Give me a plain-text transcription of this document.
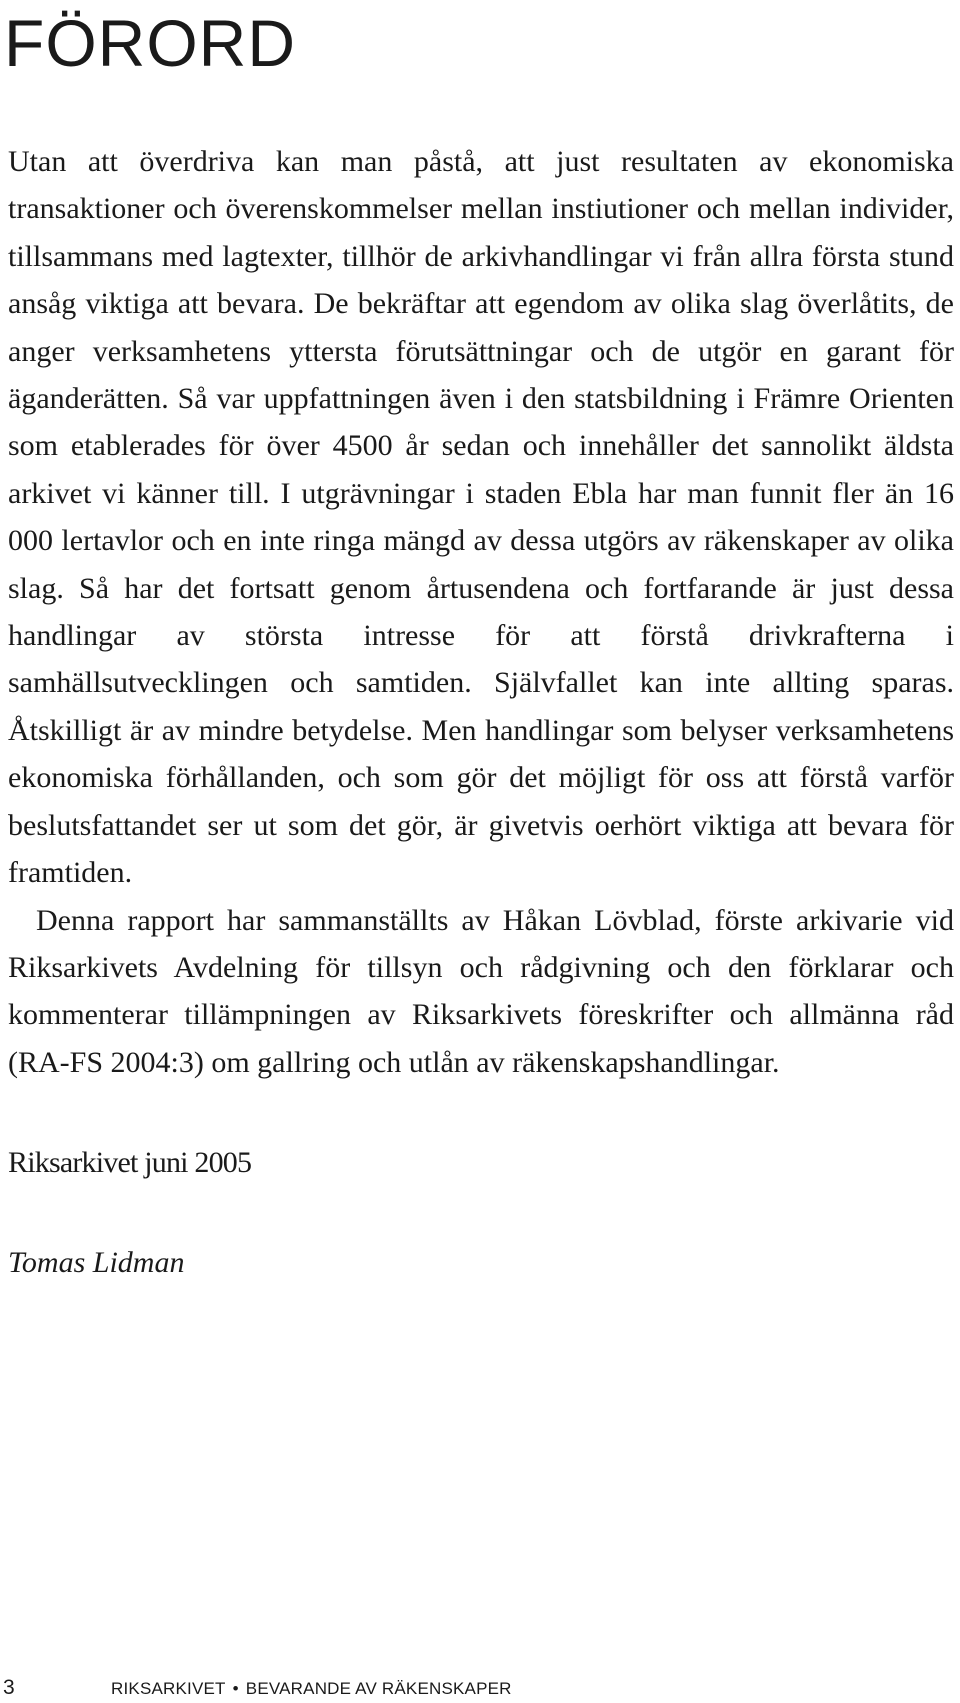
FÖRORD

Utan att överdriva kan man påstå, att just resultaten av ekonomiska transaktioner och överenskommelser mellan instiutioner och mellan individer, tillsammans med lagtexter, tillhör de arkivhandlingar vi från allra första stund ansåg viktiga att bevara. De bekräftar att egendom av olika slag överlåtits, de anger verksamhetens yttersta förutsättningar och de utgör en garant för äganderätten. Så var uppfattningen även i den statsbildning i Främre Orienten som etablerades för över 4500 år sedan och innehåller det sannolikt äldsta arkivet vi känner till. I utgrävningar i staden Ebla har man funnit fler än 16 000 lertavlor och en inte ringa mängd av dessa utgörs av räkenskaper av olika slag. Så har det fortsatt genom årtusendena och fortfarande är just dessa handlingar av största intresse för att förstå drivkrafterna i samhällsutvecklingen och samtiden. Självfallet kan inte allting sparas. Åtskilligt är av mindre betydelse. Men handlingar som belyser verksamhetens ekonomiska förhållanden, och som gör det möjligt för oss att förstå varför beslutsfattandet ser ut som det gör, är givetvis oerhört viktiga att bevara för framtiden.

Denna rapport har sammanställts av Håkan Lövblad, förste arkivarie vid Riksarkivets Avdelning för tillsyn och rådgivning och den förklarar och kommenterar tillämpningen av Riksarkivets föreskrifter och allmänna råd (RA-FS 2004:3) om gallring och utlån av räkenskapshandlingar.

Riksarkivet juni 2005
Tomas Lidman
3	RIKSARKIVET • BEVARANDE AV RÄKENSKAPER
